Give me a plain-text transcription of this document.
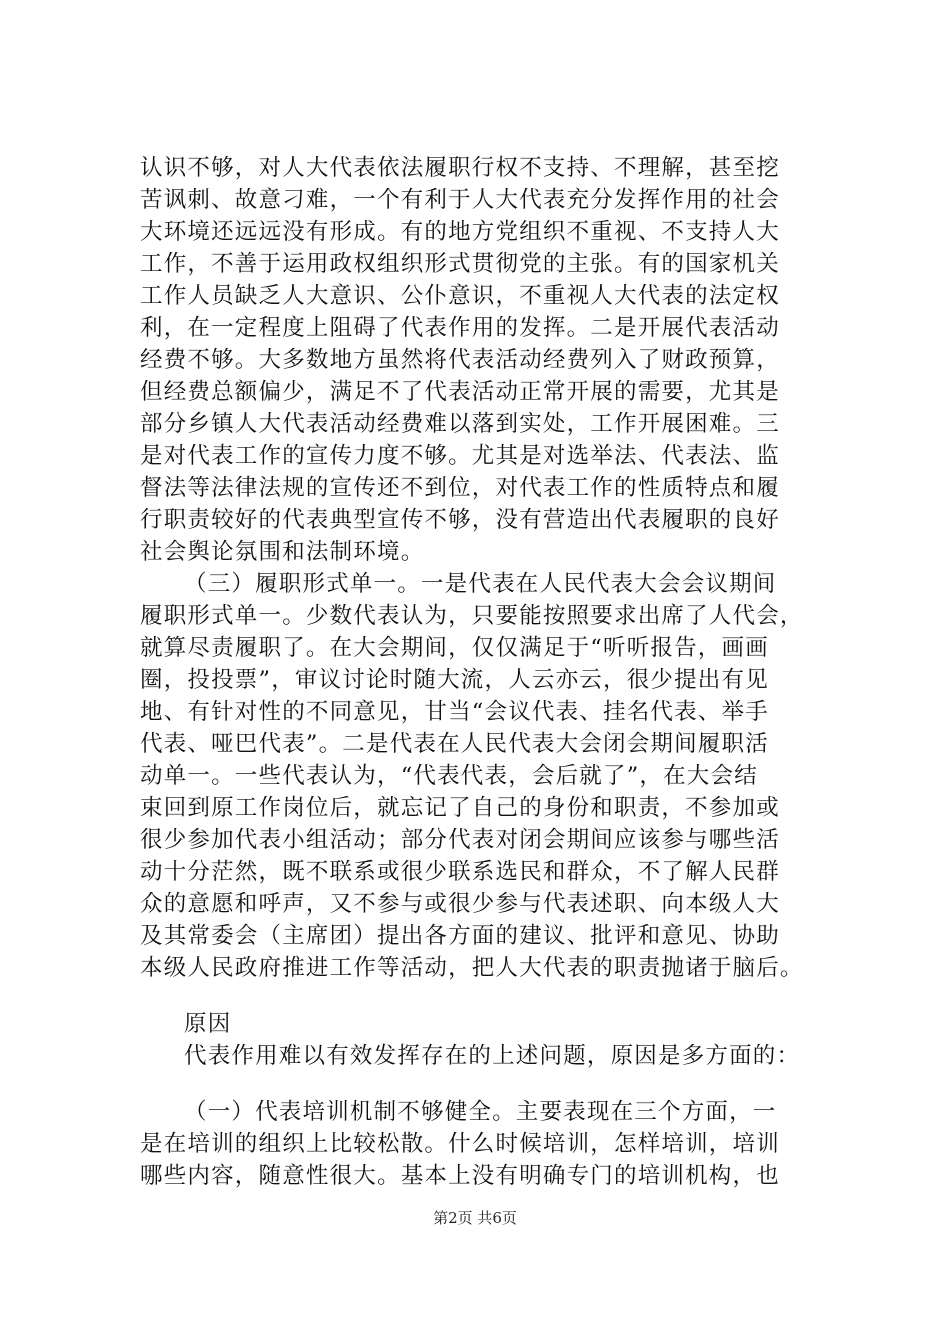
认识不够，对人大代表依法履职行权不支持、不理解，甚至挖
苦讽刺、故意刁难，一个有利于人大代表充分发挥作用的社会
大环境还远远没有形成。有的地方党组织不重视、不支持人大
工作，不善于运用政权组织形式贯彻党的主张。有的国家机关
工作人员缺乏人大意识、公仆意识，不重视人大代表的法定权
利，在一定程度上阻碍了代表作用的发挥。二是开展代表活动
经费不够。大多数地方虽然将代表活动经费列入了财政预算，
但经费总额偏少，满足不了代表活动正常开展的需要，尤其是
部分乡镇人大代表活动经费难以落到实处，工作开展困难。三
是对代表工作的宣传力度不够。尤其是对选举法、代表法、监
督法等法律法规的宣传还不到位，对代表工作的性质特点和履
行职责较好的代表典型宣传不够，没有营造出代表履职的良好
社会舆论氛围和法制环境。
（三）履职形式单一。一是代表在人民代表大会会议期间
履职形式单一。少数代表认为，只要能按照要求出席了人代会，
就算尽责履职了。在大会期间，仅仅满足于“听听报告，画画
圈，投投票”，审议讨论时随大流，人云亦云，很少提出有见
地、有针对性的不同意见，甘当“会议代表、挂名代表、举手
代表、哑巴代表”。二是代表在人民代表大会闭会期间履职活
动单一。一些代表认为，“代表代表，会后就了”，在大会结
束回到原工作岗位后，就忘记了自己的身份和职责，不参加或
很少参加代表小组活动；部分代表对闭会期间应该参与哪些活
动十分茫然，既不联系或很少联系选民和群众，不了解人民群
众的意愿和呼声，又不参与或很少参与代表述职、向本级人大
及其常委会（主席团）提出各方面的建议、批评和意见、协助
本级人民政府推进工作等活动，把人大代表的职责抛诸于脑后。
原因
代表作用难以有效发挥存在的上述问题，原因是多方面的：
（一）代表培训机制不够健全。主要表现在三个方面，一
是在培训的组织上比较松散。什么时候培训，怎样培训，培训
哪些内容，随意性很大。基本上没有明确专门的培训机构，也
第2页 共6页
